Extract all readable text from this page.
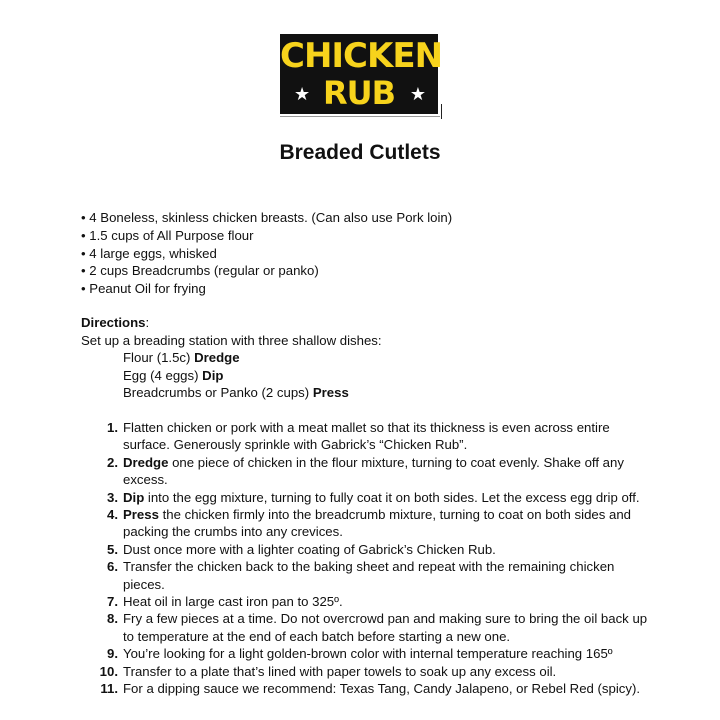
CHICKEN
RUB
★	★
Breaded Cutlets
• 4 Boneless, skinless chicken breasts. (Can also use Pork loin)
• 1.5 cups of All Purpose flour
• 4 large eggs, whisked
• 2 cups Breadcrumbs (regular or panko)
• Peanut Oil for frying
Directions:
Set up a breading station with three shallow dishes:
Flour (1.5c) Dredge
Egg (4 eggs) Dip
Breadcrumbs or Panko (2 cups) Press
1. Flatten chicken or pork with a meat mallet so that its thickness is even across entire surface. Generously sprinkle with Gabrick’s “Chicken Rub”.
2. Dredge one piece of chicken in the flour mixture, turning to coat evenly. Shake off any excess.
3. Dip into the egg mixture, turning to fully coat it on both sides. Let the excess egg drip off.
4. Press the chicken firmly into the breadcrumb mixture, turning to coat on both sides and packing the crumbs into any crevices.
5. Dust once more with a lighter coating of Gabrick’s Chicken Rub.
6. Transfer the chicken back to the baking sheet and repeat with the remaining chicken pieces.
7. Heat oil in large cast iron pan to 325º.
8. Fry a few pieces at a time. Do not overcrowd pan and making sure to bring the oil back up to temperature at the end of each batch before starting a new one.
9. You’re looking for a light golden-brown color with internal temperature reaching 165º
10. Transfer to a plate that’s lined with paper towels to soak up any excess oil.
11. For a dipping sauce we recommend: Texas Tang, Candy Jalapeno, or Rebel Red (spicy).
